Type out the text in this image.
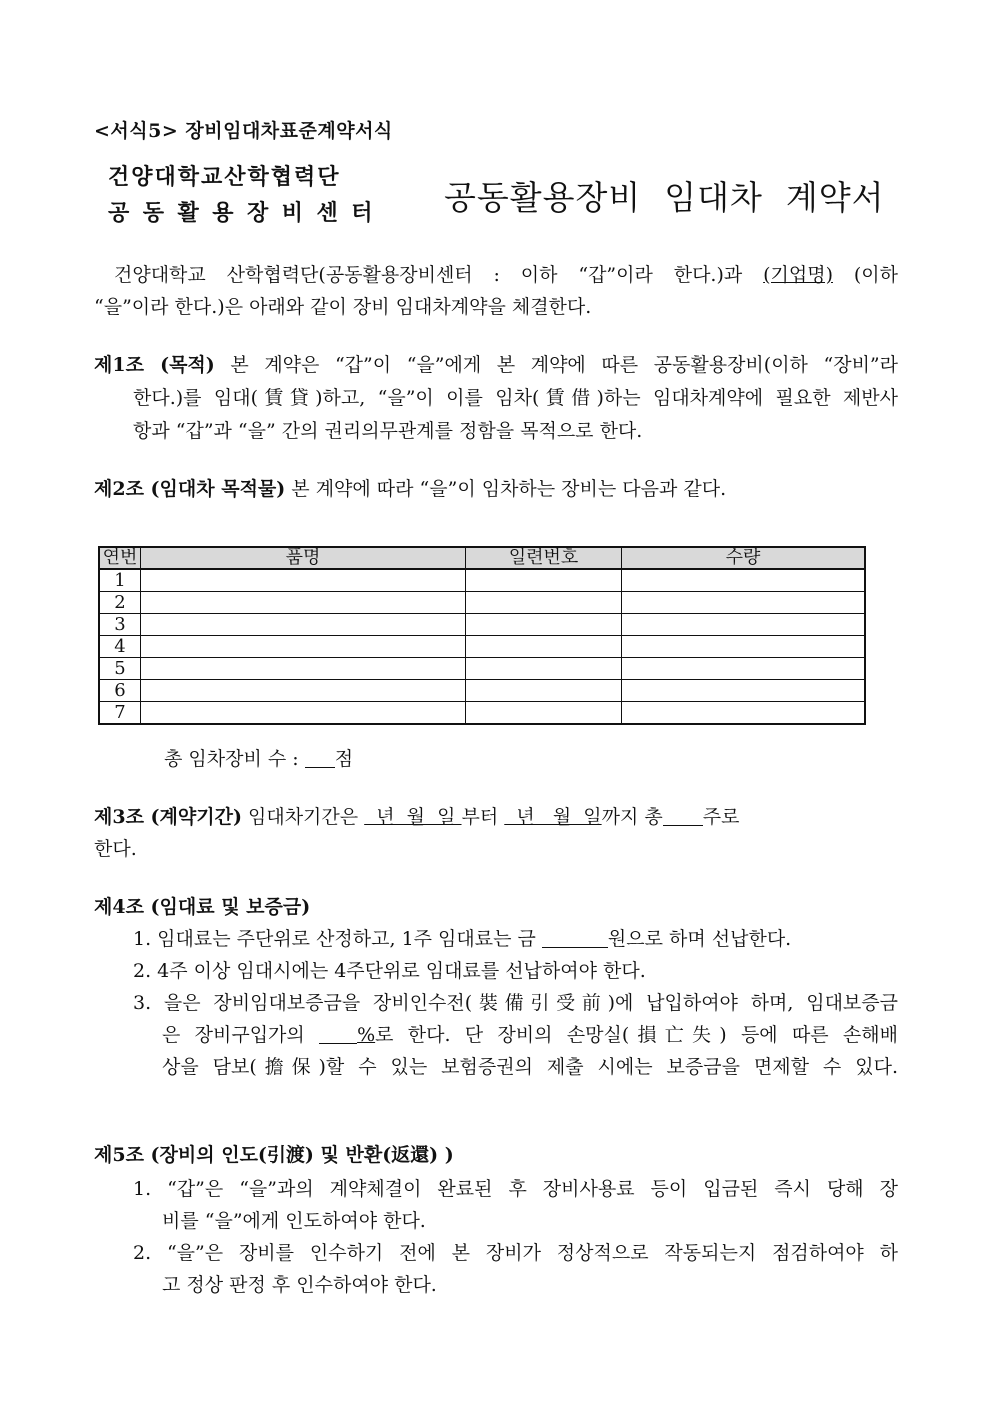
<서식5> 장비임대차표준계약서식
건양대학교산학협력단
공동활용장비센터 공동활용장비  임대차  계약서
건양대학교 산학협력단(공동활용장비센터 : 이하 “갑”이라 한다.)과 (기업명) (이하
“을”이라 한다.)은 아래와 같이 장비 임대차계약을 체결한다.
제1조 (목적) 본 계약은 “갑”이 “을”에게 본 계약에 따른 공동활용장비(이하 “장비”라
한다.)를 임대(賃貸)하고, “을”이 이를 임차(賃借)하는 임대차계약에 필요한 제반사
항과 “갑”과 “을” 간의 권리의무관계를 정함을 목적으로 한다.
제2조 (임대차 목적물) 본 계약에 따라 “을”이 임차하는 장비는 다음과 같다.
연번	품명	일련번호	수량
1			
2			
3			
4			
5			
6			
7			
총 임차장비 수 : 점
제3조 (계약기간) 임대차기간은   년  월  일 부터   년   월  일까지 총 주로
한다.
제4조 (임대료 및 보증금)
1. 임대료는 주단위로 산정하고, 1주 임대료는 금	원으로 하며 선납한다.
2. 4주 이상 임대시에는 4주단위로 임대료를 선납하여야 한다.
3. 을은 장비임대보증금을 장비인수전(裝備引受前)에 납입하여야 하며, 임대보증금
은 장비구입가의 %로 한다. 단 장비의 손망실(損亡失) 등에 따른 손해배
상을 담보(擔保)할 수 있는 보험증권의 제출 시에는 보증금을 면제할 수 있다.
제5조 (장비의 인도(引渡) 및 반환(返還) )
1. “갑”은 “을”과의 계약체결이 완료된 후 장비사용료 등이 입금된 즉시 당해 장
비를 “을”에게 인도하여야 한다.
2. “을”은 장비를 인수하기 전에 본 장비가 정상적으로 작동되는지 점검하여야 하
고 정상 판정 후 인수하여야 한다.
